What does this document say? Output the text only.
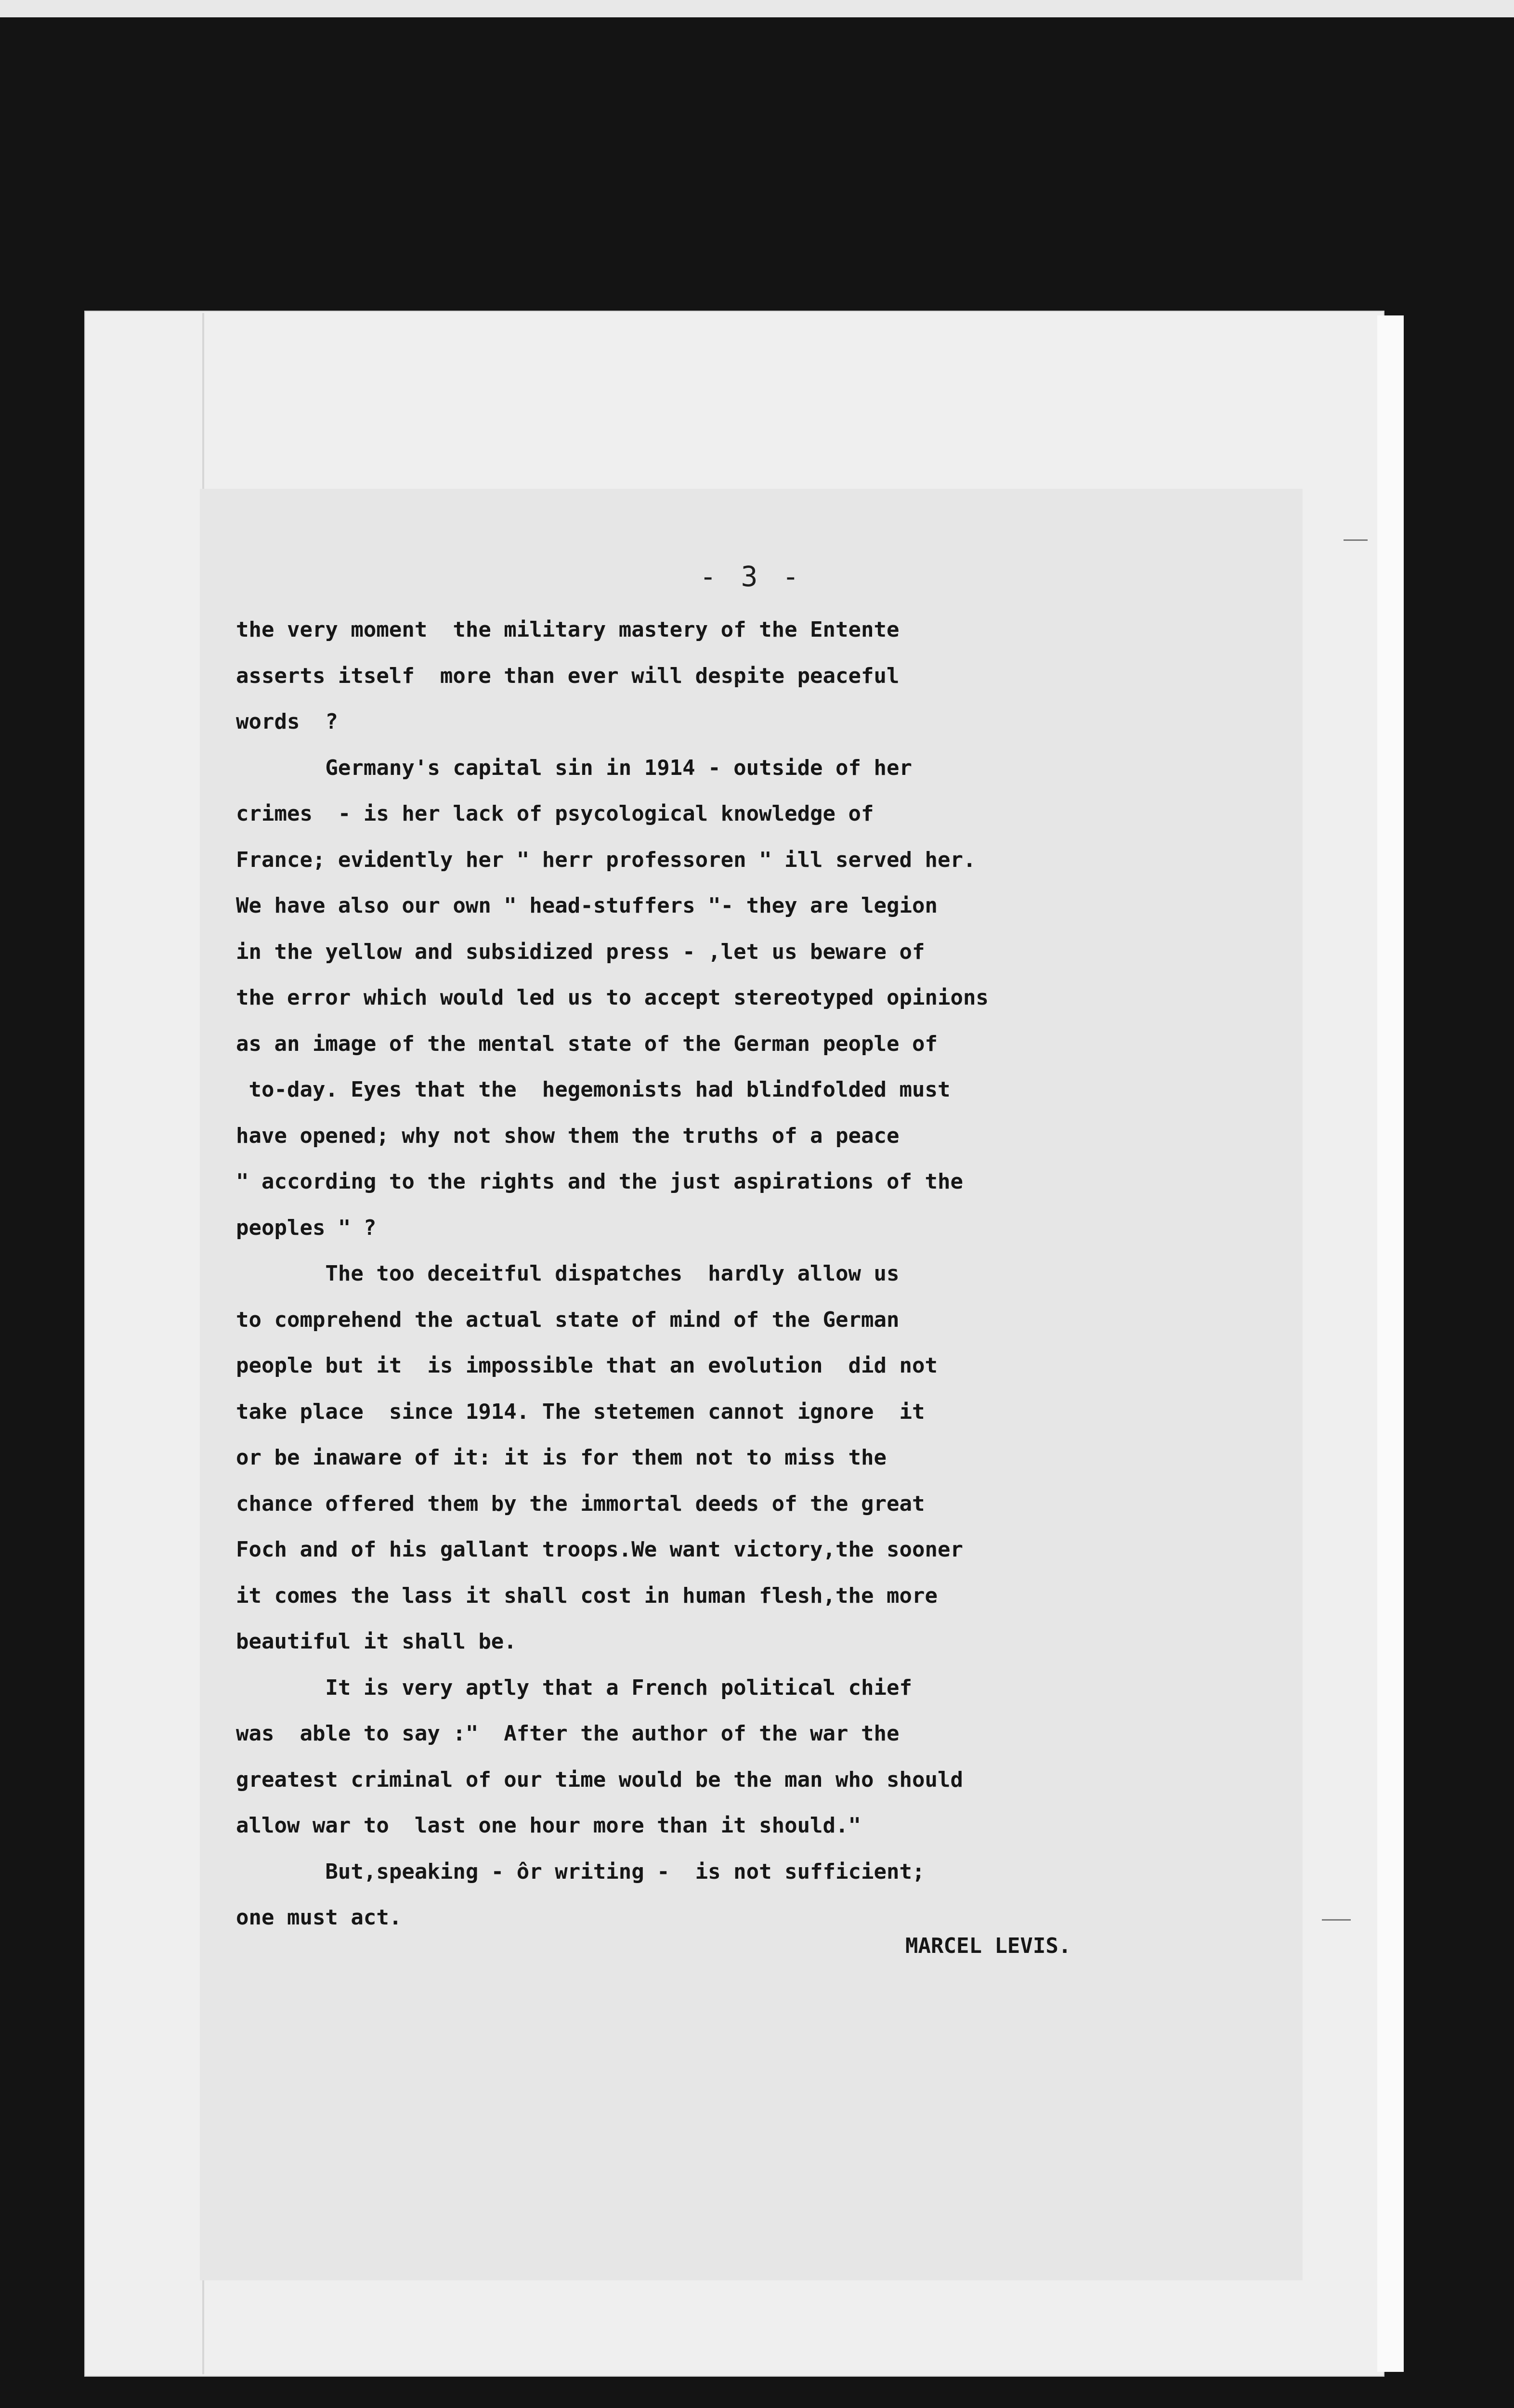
- 3 -
the very moment  the military mastery of the Entente
asserts itself  more than ever will despite peaceful
words  ?
Germany's capital sin in 1914 - outside of her
crimes  - is her lack of psycological knowledge of
France; evidently her " herr professoren " ill served her.
We have also our own " head-stuffers "- they are legion
in the yellow and subsidized press - ,let us beware of
the error which would led us to accept stereotyped opinions
as an image of the mental state of the German people of
to-day. Eyes that the  hegemonists had blindfolded must
have opened; why not show them the truths of a peace
" according to the rights and the just aspirations of the
peoples " ?
The too deceitful dispatches  hardly allow us
to comprehend the actual state of mind of the German
people but it  is impossible that an evolution  did not
take place  since 1914. The stetemen cannot ignore  it
or be inaware of it: it is for them not to miss the
chance offered them by the immortal deeds of the great
Foch and of his gallant troops.We want victory,the sooner
it comes the lass it shall cost in human flesh,the more
beautiful it shall be.
It is very aptly that a French political chief
was  able to say :"  After the author of the war the
greatest criminal of our time would be the man who should
allow war to  last one hour more than it should."
But,speaking - ôr writing -  is not sufficient;
one must act.
MARCEL LEVIS.
